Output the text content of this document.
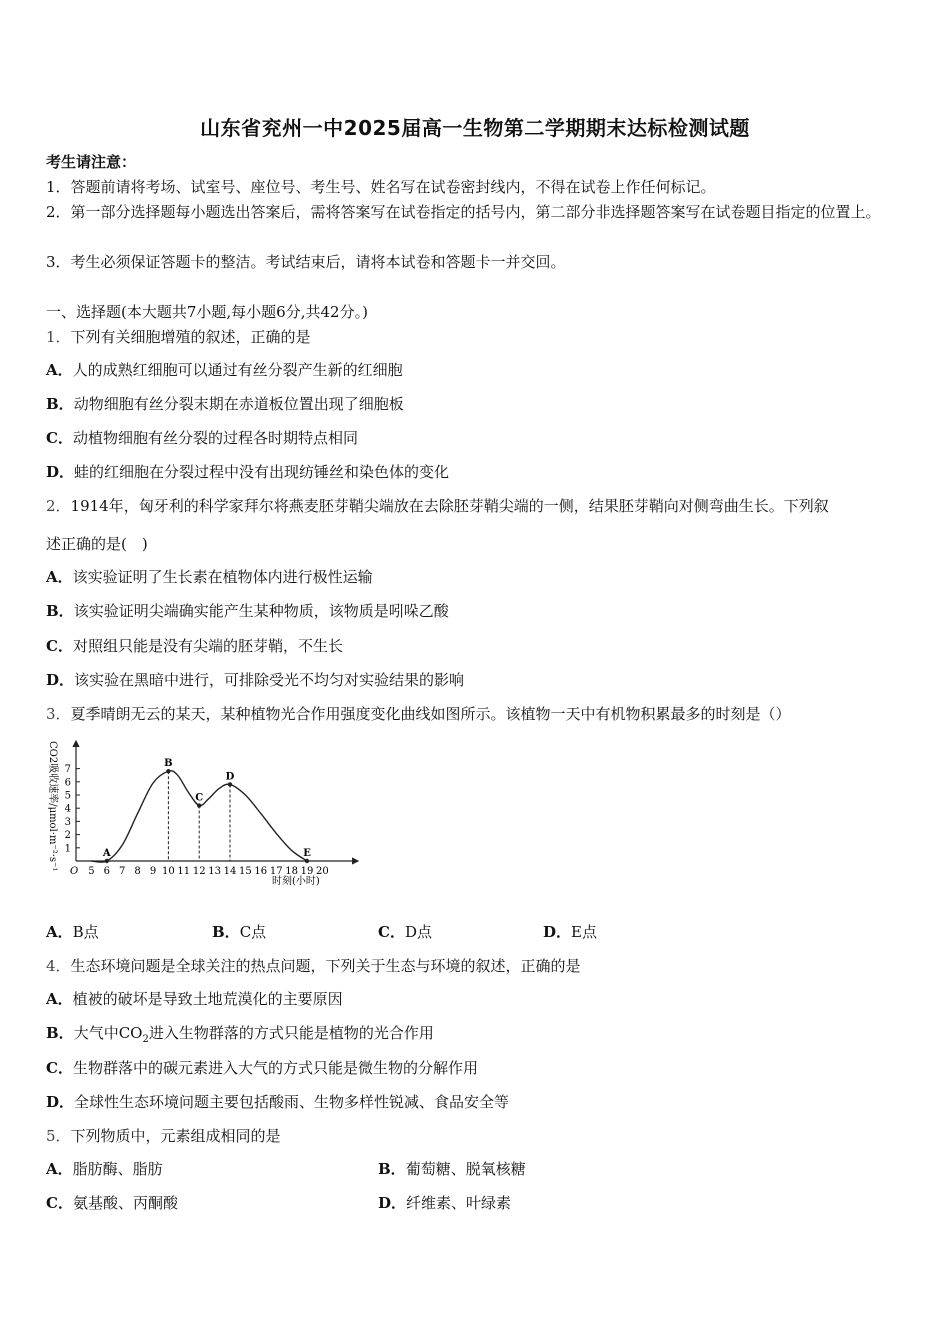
山东省兖州一中2025届高一生物第二学期期末达标检测试题
考生请注意：
1．答题前请将考场、试室号、座位号、考生号、姓名写在试卷密封线内，不得在试卷上作任何标记。
2．第一部分选择题每小题选出答案后，需将答案写在试卷指定的括号内，第二部分非选择题答案写在试卷题目指定的位置上。
3．考生必须保证答题卡的整洁。考试结束后，请将本试卷和答题卡一并交回。
一、选择题(本大题共7小题,每小题6分,共42分。)
1．下列有关细胞增殖的叙述，正确的是
A．人的成熟红细胞可以通过有丝分裂产生新的红细胞
B．动物细胞有丝分裂末期在赤道板位置出现了细胞板
C．动植物细胞有丝分裂的过程各时期特点相同
D．蛙的红细胞在分裂过程中没有出现纺锤丝和染色体的变化
2．1914年，匈牙利的科学家拜尔将燕麦胚芽鞘尖端放在去除胚芽鞘尖端的一侧，结果胚芽鞘向对侧弯曲生长。下列叙
述正确的是(　)
A．该实验证明了生长素在植物体内进行极性运输
B．该实验证明尖端确实能产生某种物质，该物质是吲哚乙酸
C．对照组只能是没有尖端的胚芽鞘，不生长
D．该实验在黑暗中进行，可排除受光不均匀对实验结果的影响
3．夏季晴朗无云的某天，某种植物光合作用强度变化曲线如图所示。该植物一天中有机物积累最多的时刻是（）
CO2吸收速率/μmol·m⁻²·s⁻¹
时刻(小时)
O 5 6 7 8 9 10 11 12 13 14 15 16 17 18 19 20
1
2
3
4
5
6
7
A
B
C
D
E
A．B点	B．C点	C．D点	D．E点
4．生态环境问题是全球关注的热点问题，下列关于生态与环境的叙述，正确的是
A．植被的破坏是导致土地荒漠化的主要原因
B．大气中$CO_2$进入生物群落的方式只能是植物的光合作用
C．生物群落中的碳元素进入大气的方式只能是微生物的分解作用
D．全球性生态环境问题主要包括酸雨、生物多样性锐减、食品安全等
5．下列物质中，元素组成相同的是
A．脂肪酶、脂肪	B．葡萄糖、脱氧核糖
C．氨基酸、丙酮酸	D．纤维素、叶绿素
